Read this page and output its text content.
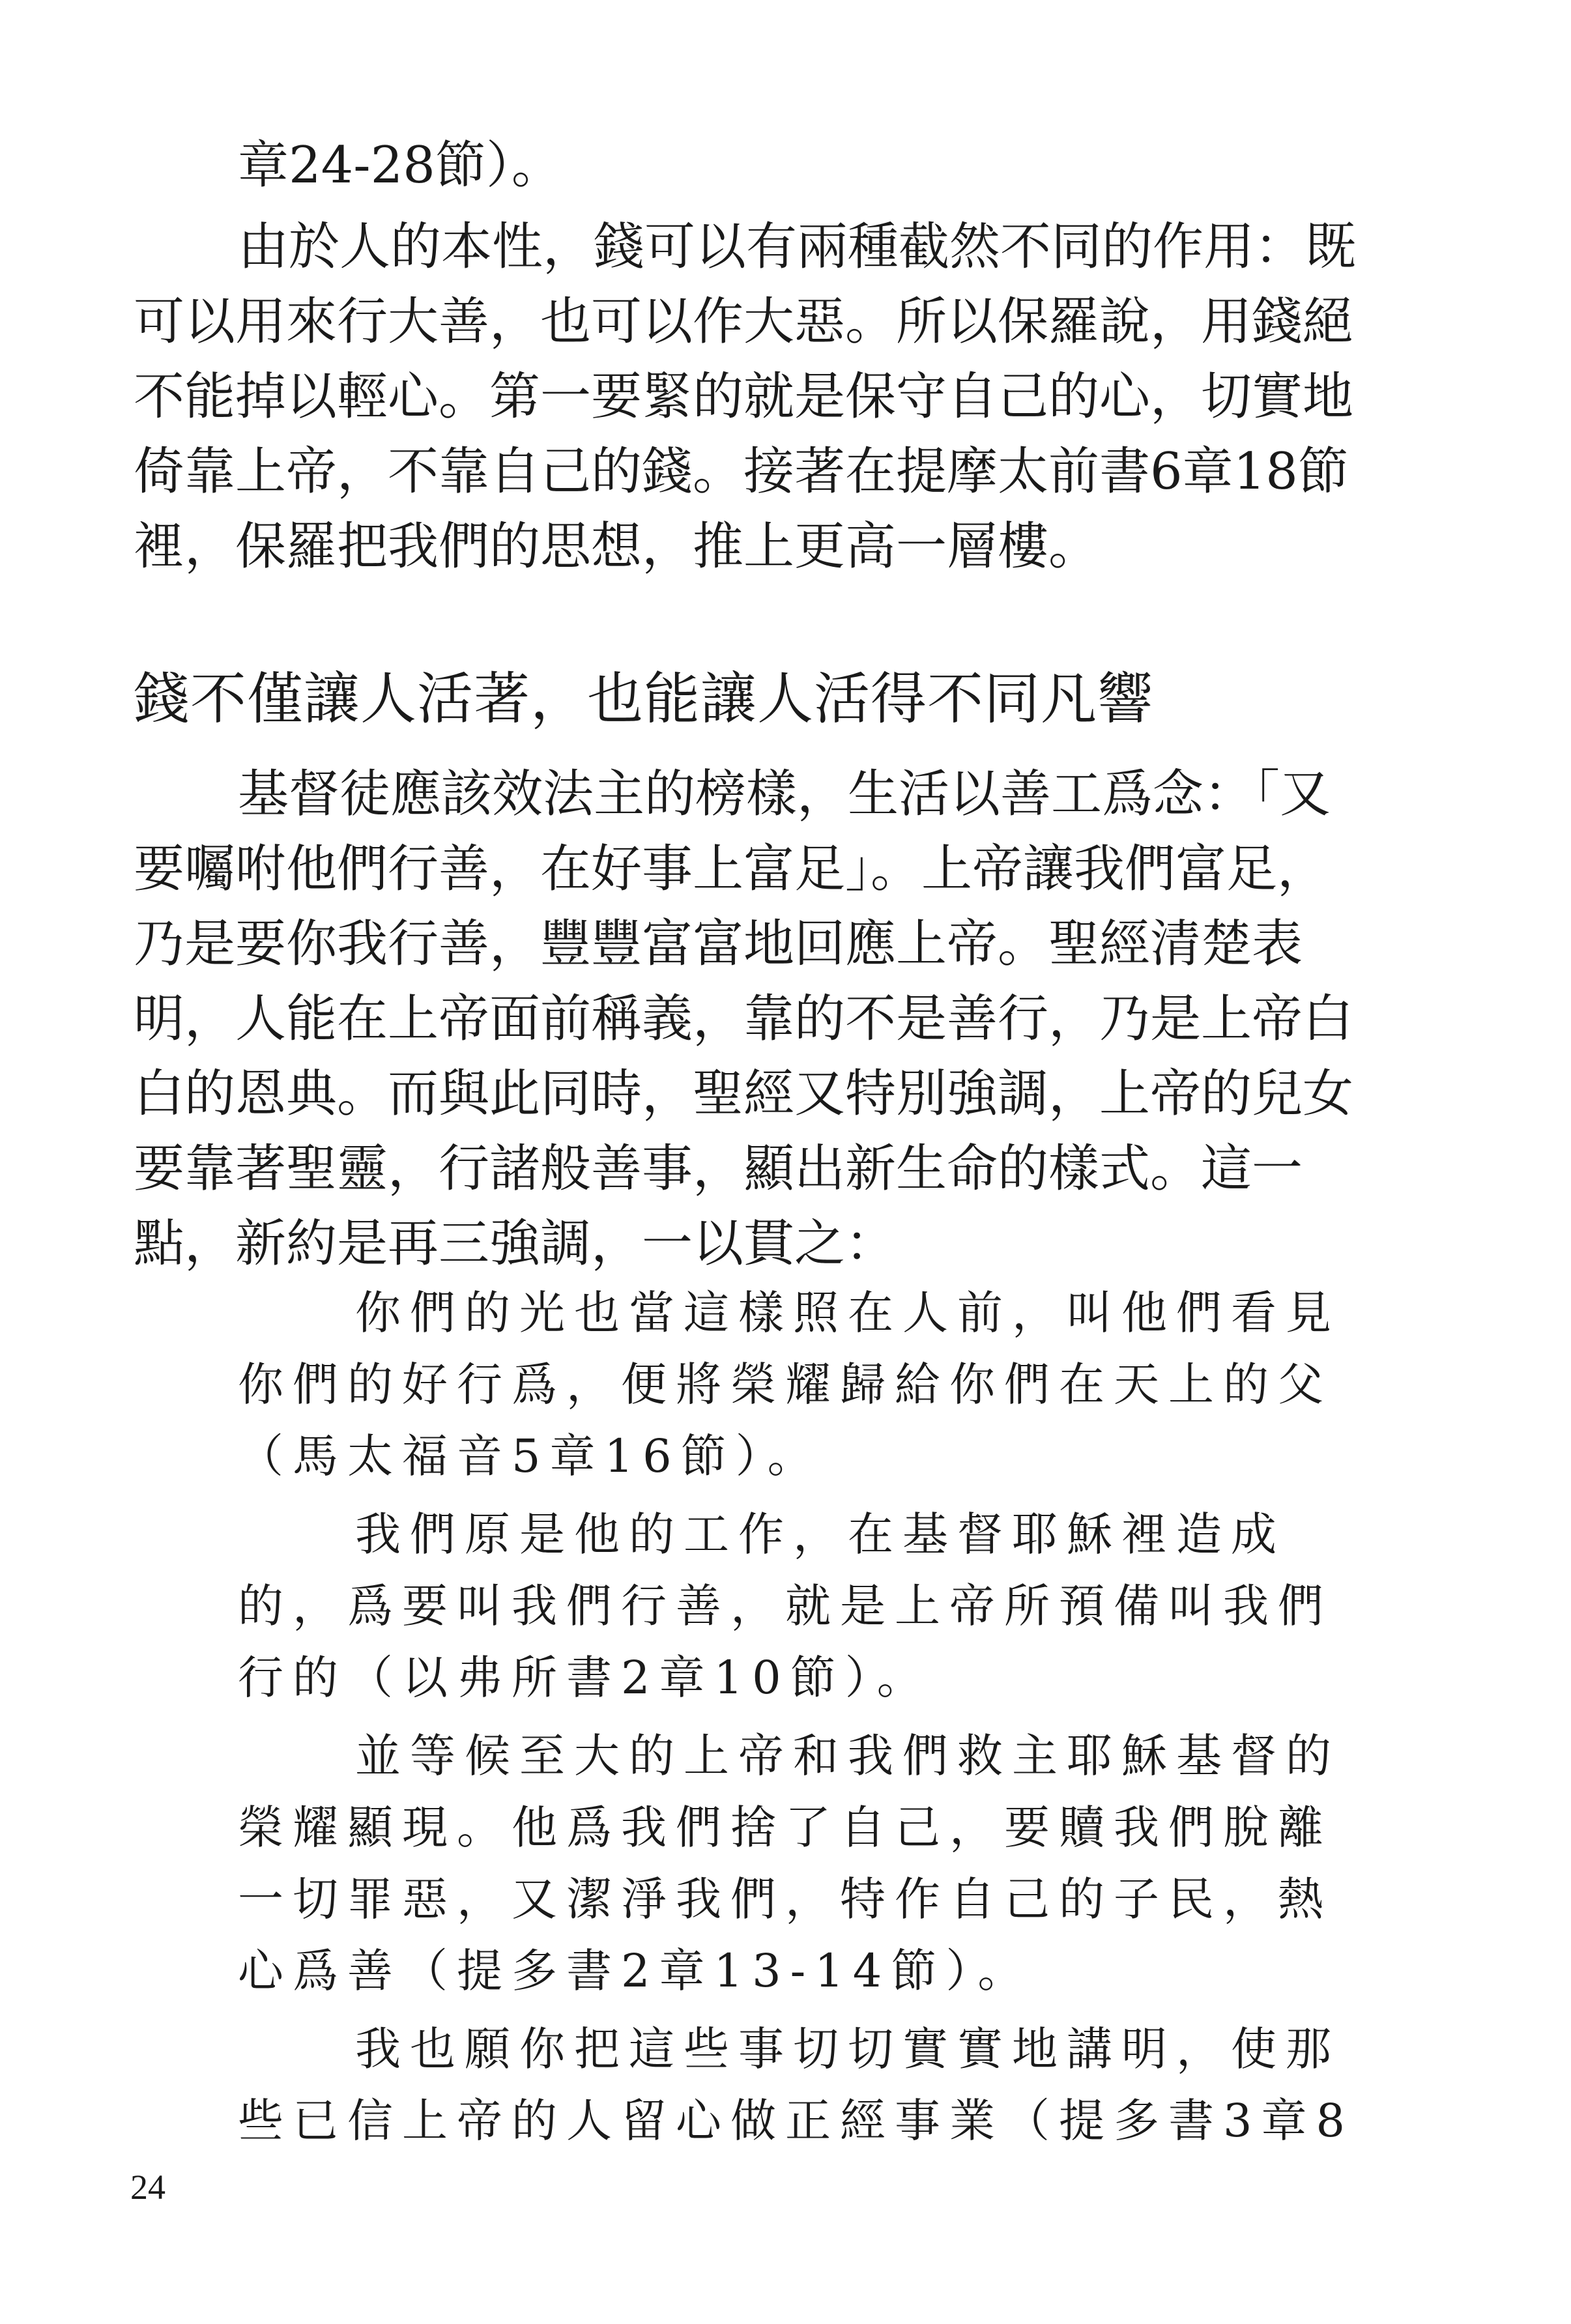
章24-28節）。
由於人的本性，錢可以有兩種截然不同的作用：既
可以用來行大善，也可以作大惡。所以保羅說，用錢絕
不能掉以輕心。第一要緊的就是保守自己的心，切實地
倚靠上帝，不靠自己的錢。接著在提摩太前書6章18節
裡，保羅把我們的思想，推上更高一層樓。
錢不僅讓人活著，也能讓人活得不同凡響
基督徒應該效法主的榜樣，生活以善工爲念：「又
要囑咐他們行善，在好事上富足」。上帝讓我們富足，
乃是要你我行善，豐豐富富地回應上帝。聖經清楚表
明，人能在上帝面前稱義，靠的不是善行，乃是上帝白
白的恩典。而與此同時，聖經又特別強調，上帝的兒女
要靠著聖靈，行諸般善事，顯出新生命的樣式。這一
點，新約是再三強調，一以貫之：
你們的光也當這樣照在人前，叫他們看見
你們的好行爲，便將榮耀歸給你們在天上的父
（馬太福音5章16節）。
我們原是他的工作，在基督耶穌裡造成
的，爲要叫我們行善，就是上帝所預備叫我們
行的（以弗所書2章10節）。
並等候至大的上帝和我們救主耶穌基督的
榮耀顯現。他爲我們捨了自己，要贖我們脫離
一切罪惡，又潔淨我們，特作自己的子民，熱
心爲善（提多書2章13-14節）。
我也願你把這些事切切實實地講明，使那
些已信上帝的人留心做正經事業（提多書3章8
24
